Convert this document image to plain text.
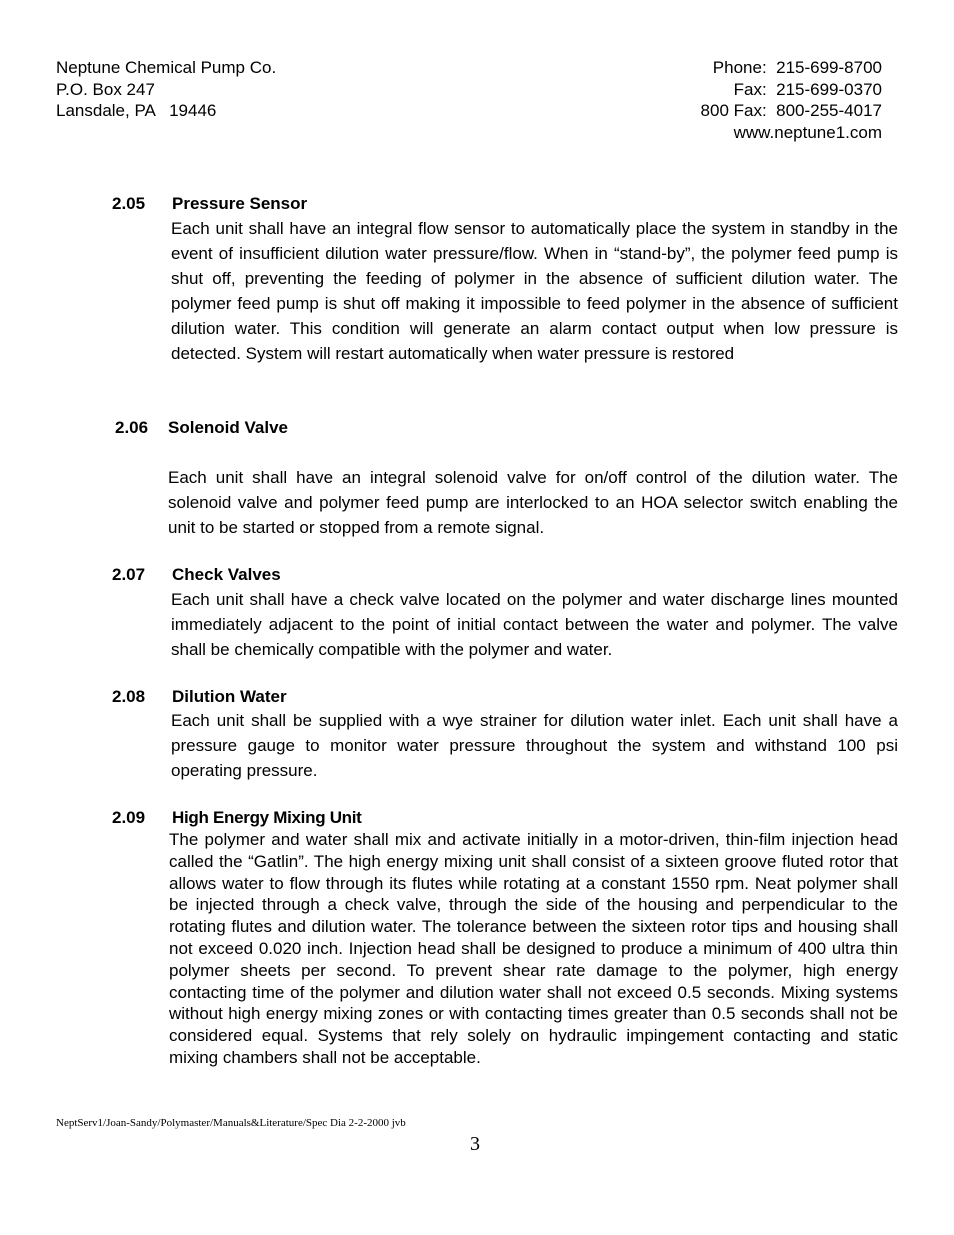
Neptune Chemical Pump Co.
P.O. Box 247
Lansdale, PA   19446
Phone:  215-699-8700
Fax:  215-699-0370
800 Fax:  800-255-4017
www.neptune1.com
2.05 Pressure Sensor
Each unit shall have an integral flow sensor to automatically place the system in standby in the event of insufficient dilution water pressure/flow. When in “stand-by”, the polymer feed pump is shut off, preventing the feeding of polymer in the absence of sufficient dilution water. The polymer feed pump is shut off making it impossible to feed polymer in the absence of sufficient dilution water. This condition will generate an alarm contact output when low pressure is detected. System will restart automatically when water pressure is restored
2.06 Solenoid Valve
Each unit shall have an integral solenoid valve for on/off control of the dilution water. The solenoid valve and polymer feed pump are interlocked to an HOA selector switch enabling the unit to be started or stopped from a remote signal.
2.07 Check Valves
Each unit shall have a check valve located on the polymer and water discharge lines mounted immediately adjacent to the point of initial contact between the water and polymer. The valve shall be chemically compatible with the polymer and water.
2.08 Dilution Water
Each unit shall be supplied with a wye strainer for dilution water inlet. Each unit shall have a pressure gauge to monitor water pressure throughout the system and withstand 100 psi operating pressure.
2.09 High Energy Mixing Unit
The polymer and water shall mix and activate initially in a motor-driven, thin-film injection head called the “Gatlin”. The high energy mixing unit shall consist of a sixteen groove fluted rotor that allows water to flow through its flutes while rotating at a constant 1550 rpm. Neat polymer shall be injected through a check valve, through the side of the housing and perpendicular to the rotating flutes and dilution water. The tolerance between the sixteen rotor tips and housing shall not exceed 0.020 inch. Injection head shall be designed to produce a minimum of 400 ultra thin polymer sheets per second. To prevent shear rate damage to the polymer, high energy contacting time of the polymer and dilution water shall not exceed 0.5 seconds. Mixing systems without high energy mixing zones or with contacting times greater than 0.5 seconds shall not be considered equal. Systems that rely solely on hydraulic impingement contacting and static mixing chambers shall not be acceptable.
NeptServ1/Joan-Sandy/Polymaster/Manuals&Literature/Spec Dia 2-2-2000 jvb
3
